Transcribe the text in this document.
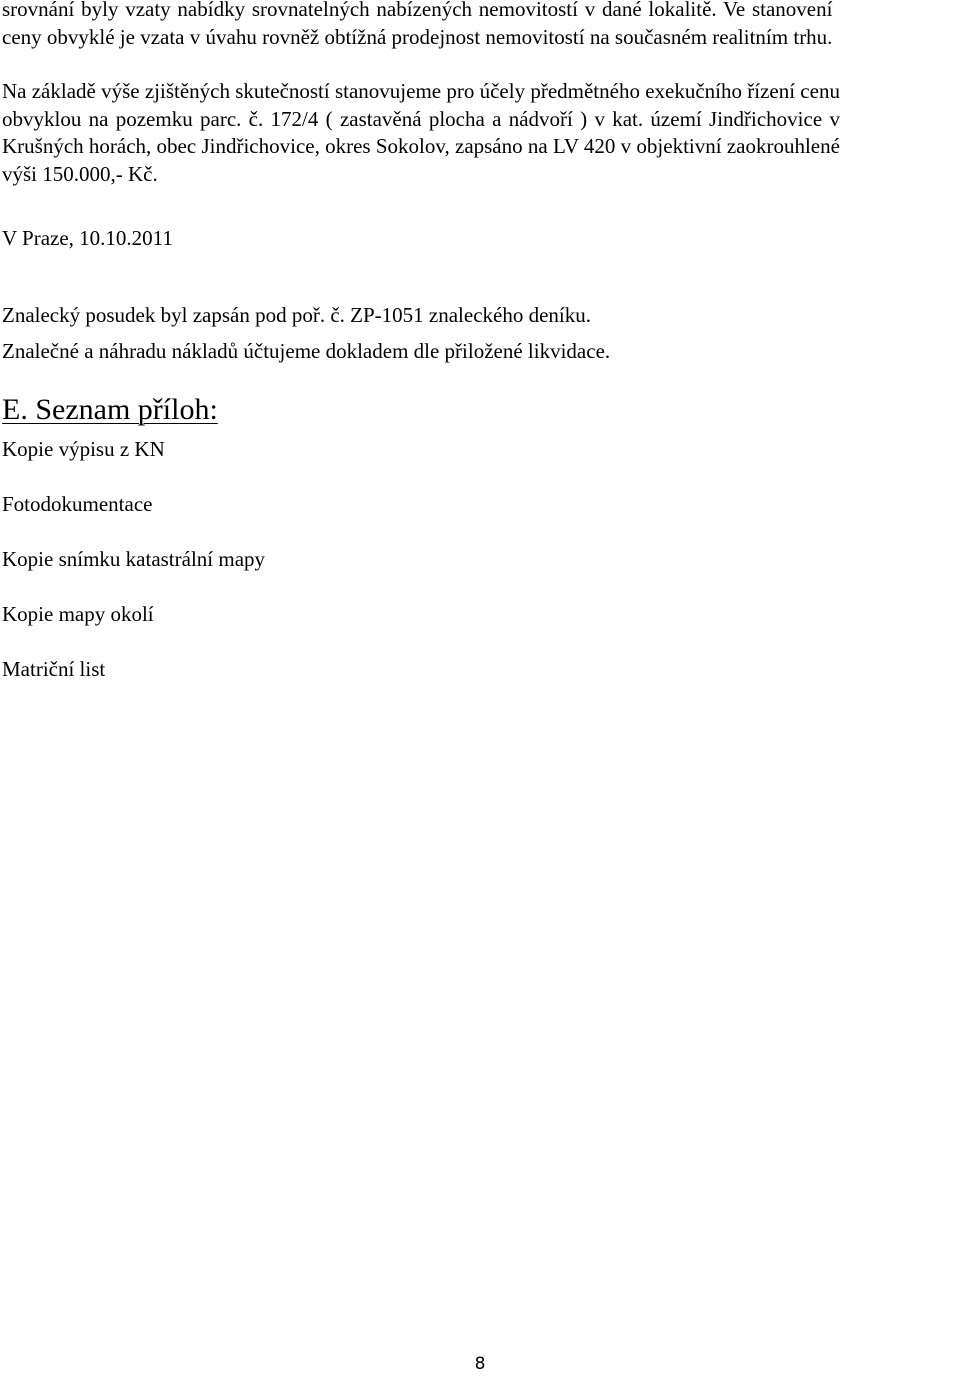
srovnání byly vzaty nabídky srovnatelných nabízených nemovitostí v dané lokalitě. Ve stanovení
ceny obvyklé je vzata v úvahu rovněž obtížná prodejnost nemovitostí na současném realitním trhu.

Na základě výše zjištěných skutečností stanovujeme pro účely předmětného exekučního řízení cenu
obvyklou na pozemku parc. č. 172/4 ( zastavěná plocha a nádvoří ) v kat. území Jindřichovice v
Krušných horách, obec Jindřichovice, okres Sokolov, zapsáno na LV 420 v objektivní zaokrouhlené
výši 150.000,- Kč.

V Praze, 10.10.2011

Znalecký posudek byl zapsán pod poř. č. ZP-1051 znaleckého deníku.

Znalečné a náhradu nákladů účtujeme dokladem dle přiložené likvidace.

E. Seznam příloh:
Kopie výpisu z KN
Fotodokumentace
Kopie snímku katastrální mapy
Kopie mapy okolí
Matriční list

8
